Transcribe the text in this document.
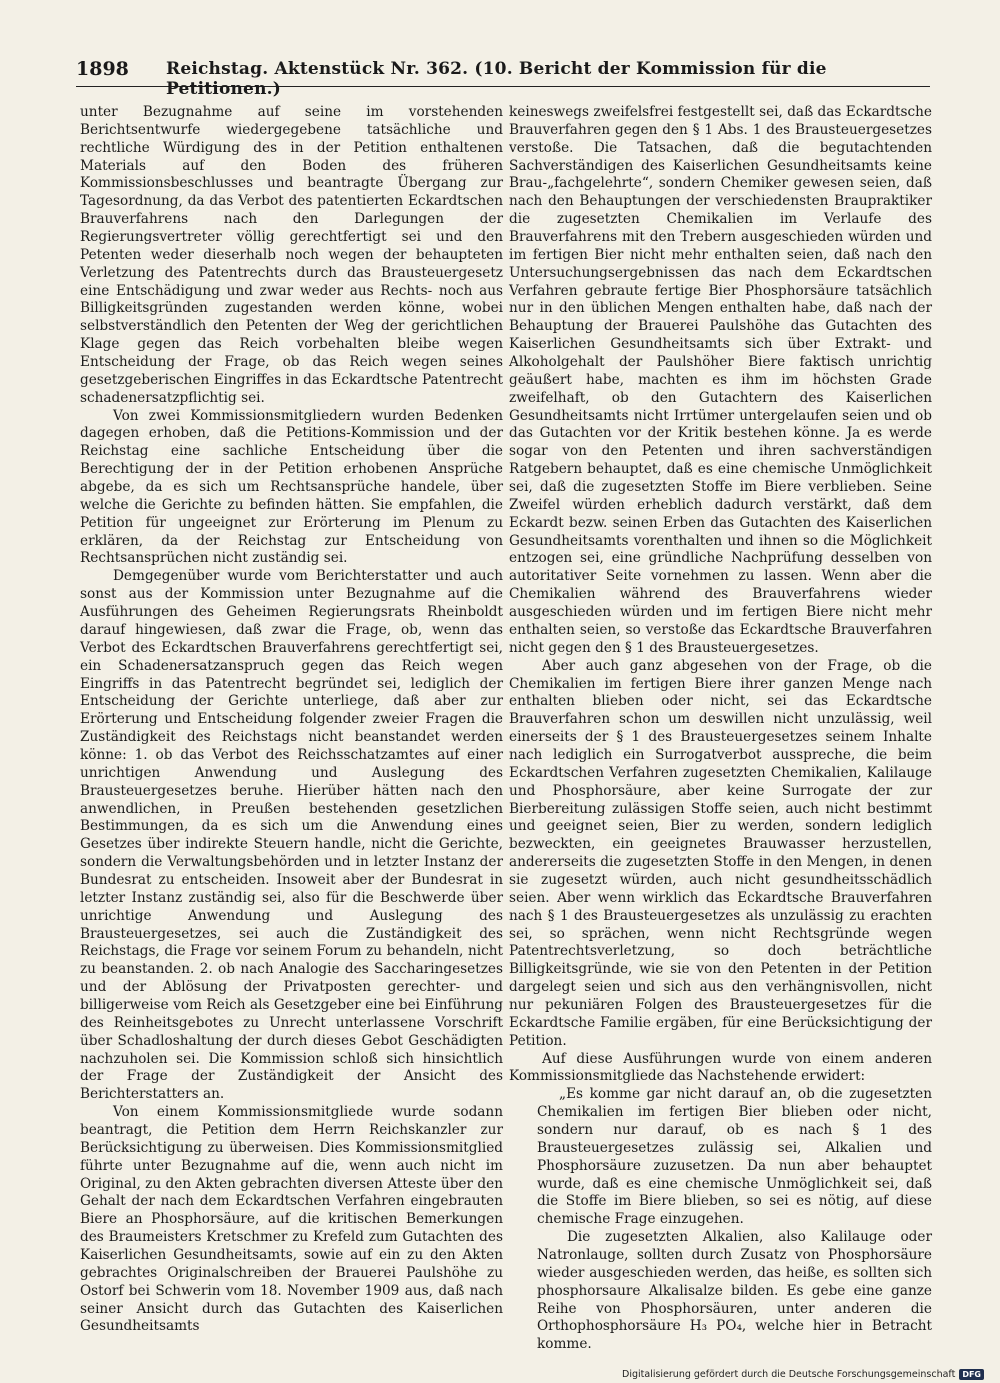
1898 Reichstag. Aktenstück Nr. 362. (10. Bericht der Kommission für die Petitionen.)

unter Bezugnahme auf seine im vorstehenden Berichtsentwurfe wiedergegebene tatsächliche und rechtliche Würdigung des in der Petition enthaltenen Materials auf den Boden des früheren Kommissionsbeschlusses und beantragte Übergang zur Tagesordnung, da das Verbot des patentierten Eckardtschen Brauverfahrens nach den Darlegungen der Regierungsvertreter völlig gerechtfertigt sei und den Petenten weder dieserhalb noch wegen der behaupteten Verletzung des Patentrechts durch das Brausteuergesetz eine Entschädigung und zwar weder aus Rechts- noch aus Billigkeitsgründen zugestanden werden könne, wobei selbstverständlich den Petenten der Weg der gerichtlichen Klage gegen das Reich vorbehalten bleibe wegen Entscheidung der Frage, ob das Reich wegen seines gesetzgeberischen Eingriffes in das Eckardtsche Patentrecht schadenersatzpflichtig sei.

Von zwei Kommissionsmitgliedern wurden Bedenken dagegen erhoben, daß die Petitions-Kommission und der Reichstag eine sachliche Entscheidung über die Berechtigung der in der Petition erhobenen Ansprüche abgebe, da es sich um Rechtsansprüche handele, über welche die Gerichte zu befinden hätten. Sie empfahlen, die Petition für ungeeignet zur Erörterung im Plenum zu erklären, da der Reichstag zur Entscheidung von Rechtsansprüchen nicht zuständig sei.

Demgegenüber wurde vom Berichterstatter und auch sonst aus der Kommission unter Bezugnahme auf die Ausführungen des Geheimen Regierungsrats Rheinboldt darauf hingewiesen, daß zwar die Frage, ob, wenn das Verbot des Eckardtschen Brauverfahrens gerechtfertigt sei, ein Schadenersatzanspruch gegen das Reich wegen Eingriffs in das Patentrecht begründet sei, lediglich der Entscheidung der Gerichte unterliege, daß aber zur Erörterung und Entscheidung folgender zweier Fragen die Zuständigkeit des Reichstags nicht beanstandet werden könne: 1. ob das Verbot des Reichsschatzamtes auf einer unrichtigen Anwendung und Auslegung des Brausteuergesetzes beruhe. Hierüber hätten nach den anwendlichen, in Preußen bestehenden gesetzlichen Bestimmungen, da es sich um die Anwendung eines Gesetzes über indirekte Steuern handle, nicht die Gerichte, sondern die Verwaltungsbehörden und in letzter Instanz der Bundesrat zu entscheiden. Insoweit aber der Bundesrat in letzter Instanz zuständig sei, also für die Beschwerde über unrichtige Anwendung und Auslegung des Brausteuergesetzes, sei auch die Zuständigkeit des Reichstags, die Frage vor seinem Forum zu behandeln, nicht zu beanstanden. 2. ob nach Analogie des Saccharingesetzes und der Ablösung der Privatposten gerechter- und billigerweise vom Reich als Gesetzgeber eine bei Einführung des Reinheitsgebotes zu Unrecht unterlassene Vorschrift über Schadloshaltung der durch dieses Gebot Geschädigten nachzuholen sei. Die Kommission schloß sich hinsichtlich der Frage der Zuständigkeit der Ansicht des Berichterstatters an.

Von einem Kommissionsmitgliede wurde sodann beantragt, die Petition dem Herrn Reichskanzler zur Berücksichtigung zu überweisen. Dies Kommissionsmitglied führte unter Bezugnahme auf die, wenn auch nicht im Original, zu den Akten gebrachten diversen Atteste über den Gehalt der nach dem Eckardtschen Verfahren eingebrauten Biere an Phosphorsäure, auf die kritischen Bemerkungen des Braumeisters Kretschmer zu Krefeld zum Gutachten des Kaiserlichen Gesundheitsamts, sowie auf ein zu den Akten gebrachtes Originalschreiben der Brauerei Paulshöhe zu Ostorf bei Schwerin vom 18. November 1909 aus, daß nach seiner Ansicht durch das Gutachten des Kaiserlichen Gesundheitsamts

keineswegs zweifelsfrei festgestellt sei, daß das Eckardtsche Brauverfahren gegen den § 1 Abs. 1 des Brausteuergesetzes verstoße. Die Tatsachen, daß die begutachtenden Sachverständigen des Kaiserlichen Gesundheitsamts keine Brau-„fachgelehrte“, sondern Chemiker gewesen seien, daß nach den Behauptungen der verschiedensten Braupraktiker die zugesetzten Chemikalien im Verlaufe des Brauverfahrens mit den Trebern ausgeschieden würden und im fertigen Bier nicht mehr enthalten seien, daß nach den Untersuchungsergebnissen das nach dem Eckardtschen Verfahren gebraute fertige Bier Phosphorsäure tatsächlich nur in den üblichen Mengen enthalten habe, daß nach der Behauptung der Brauerei Paulshöhe das Gutachten des Kaiserlichen Gesundheitsamts sich über Extrakt- und Alkoholgehalt der Paulshöher Biere faktisch unrichtig geäußert habe, machten es ihm im höchsten Grade zweifelhaft, ob den Gutachtern des Kaiserlichen Gesundheitsamts nicht Irrtümer untergelaufen seien und ob das Gutachten vor der Kritik bestehen könne. Ja es werde sogar von den Petenten und ihren sachverständigen Ratgebern behauptet, daß es eine chemische Unmöglichkeit sei, daß die zugesetzten Stoffe im Biere verblieben. Seine Zweifel würden erheblich dadurch verstärkt, daß dem Eckardt bezw. seinen Erben das Gutachten des Kaiserlichen Gesundheitsamts vorenthalten und ihnen so die Möglichkeit entzogen sei, eine gründliche Nachprüfung desselben von autoritativer Seite vornehmen zu lassen. Wenn aber die Chemikalien während des Brauverfahrens wieder ausgeschieden würden und im fertigen Biere nicht mehr enthalten seien, so verstoße das Eckardtsche Brauverfahren nicht gegen den § 1 des Brausteuergesetzes.

Aber auch ganz abgesehen von der Frage, ob die Chemikalien im fertigen Biere ihrer ganzen Menge nach enthalten blieben oder nicht, sei das Eckardtsche Brauverfahren schon um deswillen nicht unzulässig, weil einerseits der § 1 des Brausteuergesetzes seinem Inhalte nach lediglich ein Surrogatverbot ausspreche, die beim Eckardtschen Verfahren zugesetzten Chemikalien, Kalilauge und Phosphorsäure, aber keine Surrogate der zur Bierbereitung zulässigen Stoffe seien, auch nicht bestimmt und geeignet seien, Bier zu werden, sondern lediglich bezweckten, ein geeignetes Brauwasser herzustellen, andererseits die zugesetzten Stoffe in den Mengen, in denen sie zugesetzt würden, auch nicht gesundheitsschädlich seien. Aber wenn wirklich das Eckardtsche Brauverfahren nach § 1 des Brausteuergesetzes als unzulässig zu erachten sei, so sprächen, wenn nicht Rechtsgründe wegen Patentrechtsverletzung, so doch beträchtliche Billigkeitsgründe, wie sie von den Petenten in der Petition dargelegt seien und sich aus den verhängnisvollen, nicht nur pekuniären Folgen des Brausteuergesetzes für die Eckardtsche Familie ergäben, für eine Berücksichtigung der Petition.

Auf diese Ausführungen wurde von einem anderen Kommissionsmitgliede das Nachstehende erwidert:

„Es komme gar nicht darauf an, ob die zugesetzten Chemikalien im fertigen Bier blieben oder nicht, sondern nur darauf, ob es nach § 1 des Brausteuergesetzes zulässig sei, Alkalien und Phosphorsäure zuzusetzen. Da nun aber behauptet wurde, daß es eine chemische Unmöglichkeit sei, daß die Stoffe im Biere blieben, so sei es nötig, auf diese chemische Frage einzugehen.

Die zugesetzten Alkalien, also Kalilauge oder Natronlauge, sollten durch Zusatz von Phosphorsäure wieder ausgeschieden werden, das heiße, es sollten sich phosphorsaure Alkalisalze bilden. Es gebe eine ganze Reihe von Phosphorsäuren, unter anderen die Orthophosphorsäure H₃ PO₄, welche hier in Betracht komme.

Digitalisierung gefördert durch die Deutsche Forschungsgemeinschaft DFG
